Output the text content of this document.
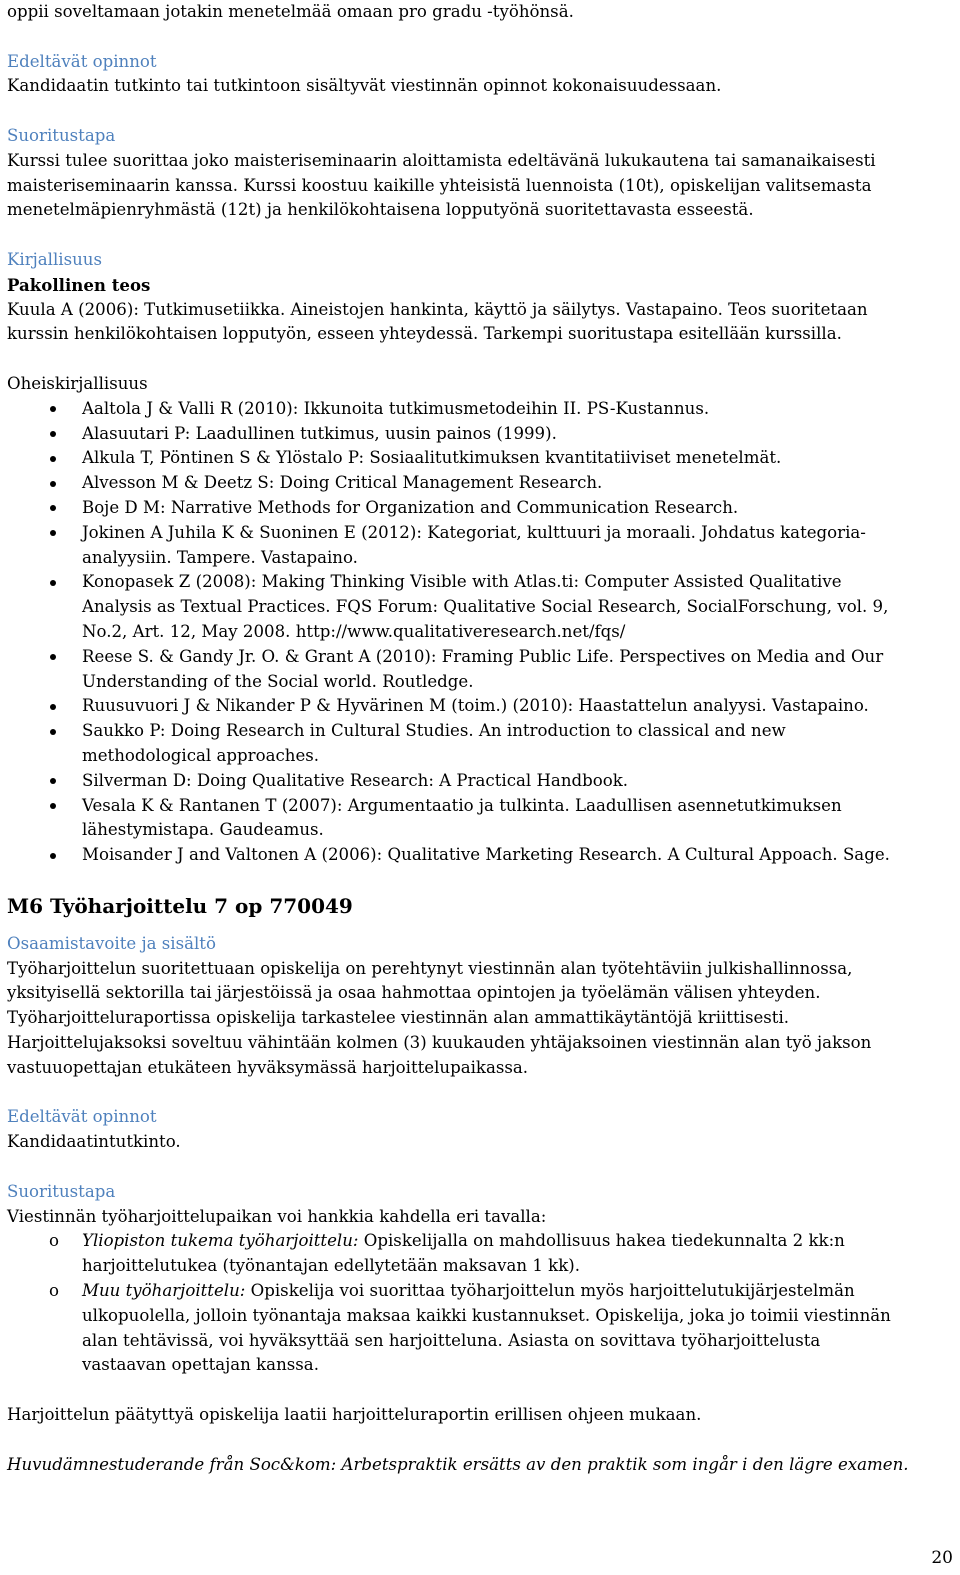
oppii soveltamaan jotakin menetelmää omaan pro gradu -työhönsä.
Edeltävät opinnot
Kandidaatin tutkinto tai tutkintoon sisältyvät viestinnän opinnot kokonaisuudessaan.
Suoritustapa
Kurssi tulee suorittaa joko maisteriseminaarin aloittamista edeltävänä lukukautena tai samanaikaisesti
maisteriseminaarin kanssa. Kurssi koostuu kaikille yhteisistä luennoista (10t), opiskelijan valitsemasta
menetelmäpienryhmästä (12t) ja henkilökohtaisena lopputyönä suoritettavasta esseestä.
Kirjallisuus
Pakollinen teos
Kuula A (2006): Tutkimusetiikka. Aineistojen hankinta, käyttö ja säilytys. Vastapaino. Teos suoritetaan
kurssin henkilökohtaisen lopputyön, esseen yhteydessä. Tarkempi suoritustapa esitellään kurssilla.
Oheiskirjallisuus
Aaltola J & Valli R (2010): Ikkunoita tutkimusmetodeihin II. PS-Kustannus.
Alasuutari P: Laadullinen tutkimus, uusin painos (1999).
Alkula T, Pöntinen S & Ylöstalo P: Sosiaalitutkimuksen kvantitatiiviset menetelmät.
Alvesson M & Deetz S: Doing Critical Management Research.
Boje D M: Narrative Methods for Organization and Communication Research.
Jokinen A Juhila K & Suoninen E (2012): Kategoriat, kulttuuri ja moraali. Johdatus kategoria-
analyysiin. Tampere. Vastapaino.
Konopasek Z (2008): Making Thinking Visible with Atlas.ti: Computer Assisted Qualitative
Analysis as Textual Practices. FQS Forum: Qualitative Social Research, SocialForschung, vol. 9,
No.2, Art. 12, May 2008. http://www.qualitativeresearch.net/fqs/
Reese S. & Gandy Jr. O. & Grant A (2010): Framing Public Life. Perspectives on Media and Our
Understanding of the Social world. Routledge.
Ruusuvuori J & Nikander P & Hyvärinen M (toim.) (2010): Haastattelun analyysi. Vastapaino.
Saukko P: Doing Research in Cultural Studies. An introduction to classical and new
methodological approaches.
Silverman D: Doing Qualitative Research: A Practical Handbook.
Vesala K & Rantanen T (2007): Argumentaatio ja tulkinta. Laadullisen asennetutkimuksen
lähestymistapa. Gaudeamus.
Moisander J and Valtonen A (2006): Qualitative Marketing Research. A Cultural Appoach. Sage.
M6 Työharjoittelu 7 op 770049
Osaamistavoite ja sisältö
Työharjoittelun suoritettuaan opiskelija on perehtynyt viestinnän alan työtehtäviin julkishallinnossa,
yksityisellä sektorilla tai järjestöissä ja osaa hahmottaa opintojen ja työelämän välisen yhteyden.
Työharjoitteluraportissa opiskelija tarkastelee viestinnän alan ammattikäytäntöjä kriittisesti.
Harjoittelujaksoksi soveltuu vähintään kolmen (3) kuukauden yhtäjaksoinen viestinnän alan työ jakson
vastuuopettajan etukäteen hyväksymässä harjoittelupaikassa.
Edeltävät opinnot
Kandidaatintutkinto.
Suoritustapa
Viestinnän työharjoittelupaikan voi hankkia kahdella eri tavalla:
o Yliopiston tukema työharjoittelu: Opiskelijalla on mahdollisuus hakea tiedekunnalta 2 kk:n
harjoittelutukea (työnantajan edellytetään maksavan 1 kk).
o Muu työharjoittelu: Opiskelija voi suorittaa työharjoittelun myös harjoittelutukijärjestelmän
ulkopuolella, jolloin työnantaja maksaa kaikki kustannukset. Opiskelija, joka jo toimii viestinnän
alan tehtävissä, voi hyväksyttää sen harjoitteluna. Asiasta on sovittava työharjoittelusta
vastaavan opettajan kanssa.
Harjoittelun päätyttyä opiskelija laatii harjoitteluraportin erillisen ohjeen mukaan.
Huvudämnestuderande från Soc&kom: Arbetspraktik ersätts av den praktik som ingår i den lägre examen.
20
